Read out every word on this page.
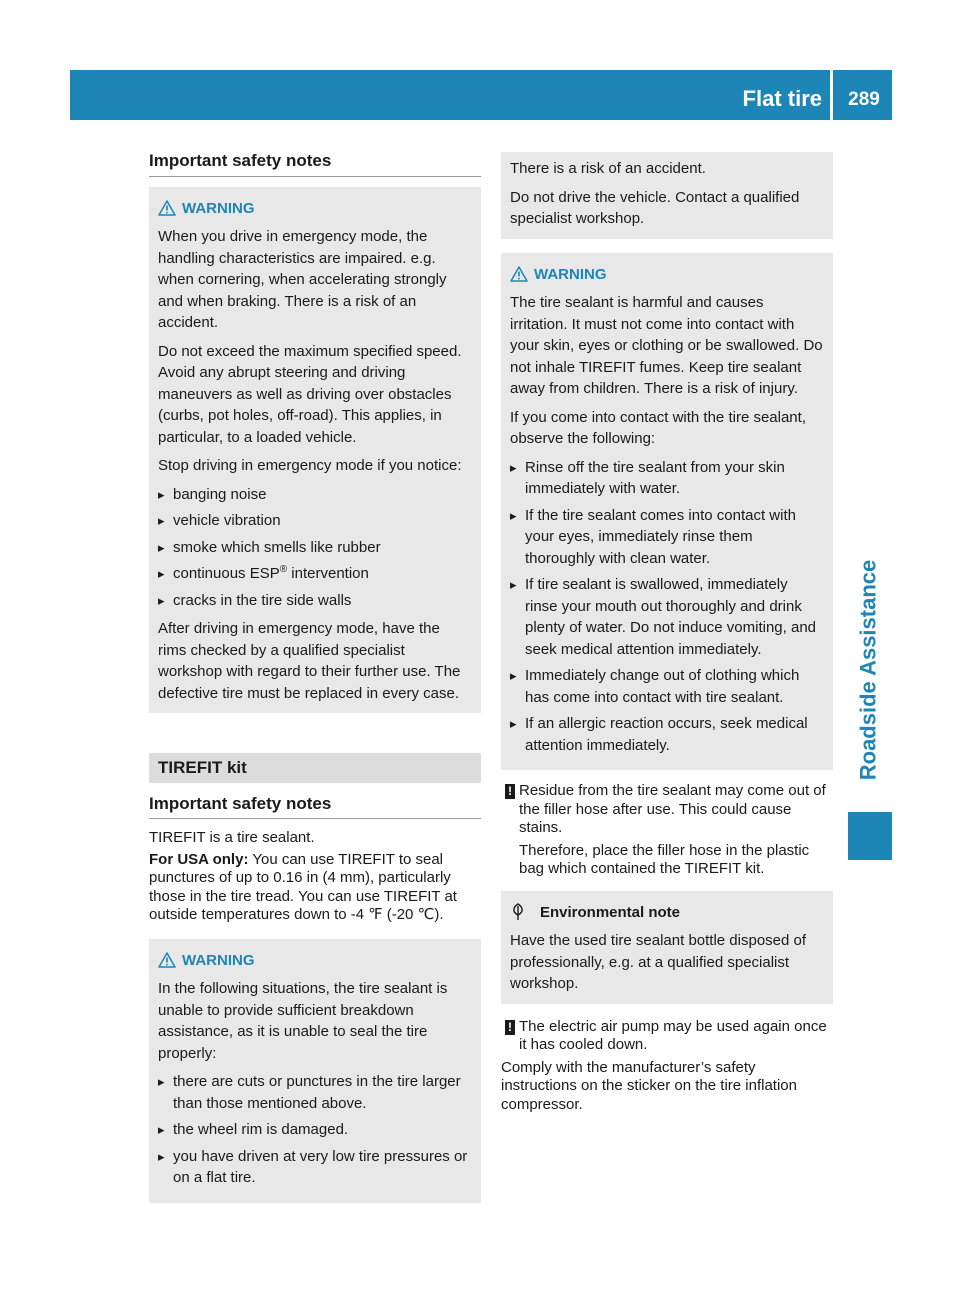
Flat tire	289
Roadside Assistance
Important safety notes
WARNING

When you drive in emergency mode, the handling characteristics are impaired. e.g. when cornering, when accelerating strongly and when braking. There is a risk of an accident.

Do not exceed the maximum specified speed. Avoid any abrupt steering and driving maneuvers as well as driving over obstacles (curbs, pot holes, off-road). This applies, in particular, to a loaded vehicle.

Stop driving in emergency mode if you notice:

▸ banging noise
▸ vehicle vibration
▸ smoke which smells like rubber
▸ continuous ESP® intervention
▸ cracks in the tire side walls

After driving in emergency mode, have the rims checked by a qualified specialist workshop with regard to their further use. The defective tire must be replaced in every case.

TIREFIT kit
Important safety notes

TIREFIT is a tire sealant.

For USA only: You can use TIREFIT to seal punctures of up to 0.16 in (4 mm), particularly those in the tire tread. You can use TIREFIT at outside temperatures down to -4 ℉ (-20 ℃).

WARNING

In the following situations, the tire sealant is unable to provide sufficient breakdown assistance, as it is unable to seal the tire properly:

▸ there are cuts or punctures in the tire larger than those mentioned above.
▸ the wheel rim is damaged.
▸ you have driven at very low tire pressures or on a flat tire.

There is a risk of an accident.

Do not drive the vehicle. Contact a qualified specialist workshop.

WARNING

The tire sealant is harmful and causes irritation. It must not come into contact with your skin, eyes or clothing or be swallowed. Do not inhale TIREFIT fumes. Keep tire sealant away from children. There is a risk of injury.

If you come into contact with the tire sealant, observe the following:

▸ Rinse off the tire sealant from your skin immediately with water.
▸ If the tire sealant comes into contact with your eyes, immediately rinse them thoroughly with clean water.
▸ If tire sealant is swallowed, immediately rinse your mouth out thoroughly and drink plenty of water. Do not induce vomiting, and seek medical attention immediately.
▸ Immediately change out of clothing which has come into contact with tire sealant.
▸ If an allergic reaction occurs, seek medical attention immediately.
! Residue from the tire sealant may come out of the filler hose after use. This could cause stains.

Therefore, place the filler hose in the plastic bag which contained the TIREFIT kit.

Environmental note

Have the used tire sealant bottle disposed of professionally, e.g. at a qualified specialist workshop.

! The electric air pump may be used again once it has cooled down.

Comply with the manufacturer’s safety instructions on the sticker on the tire inflation compressor.
